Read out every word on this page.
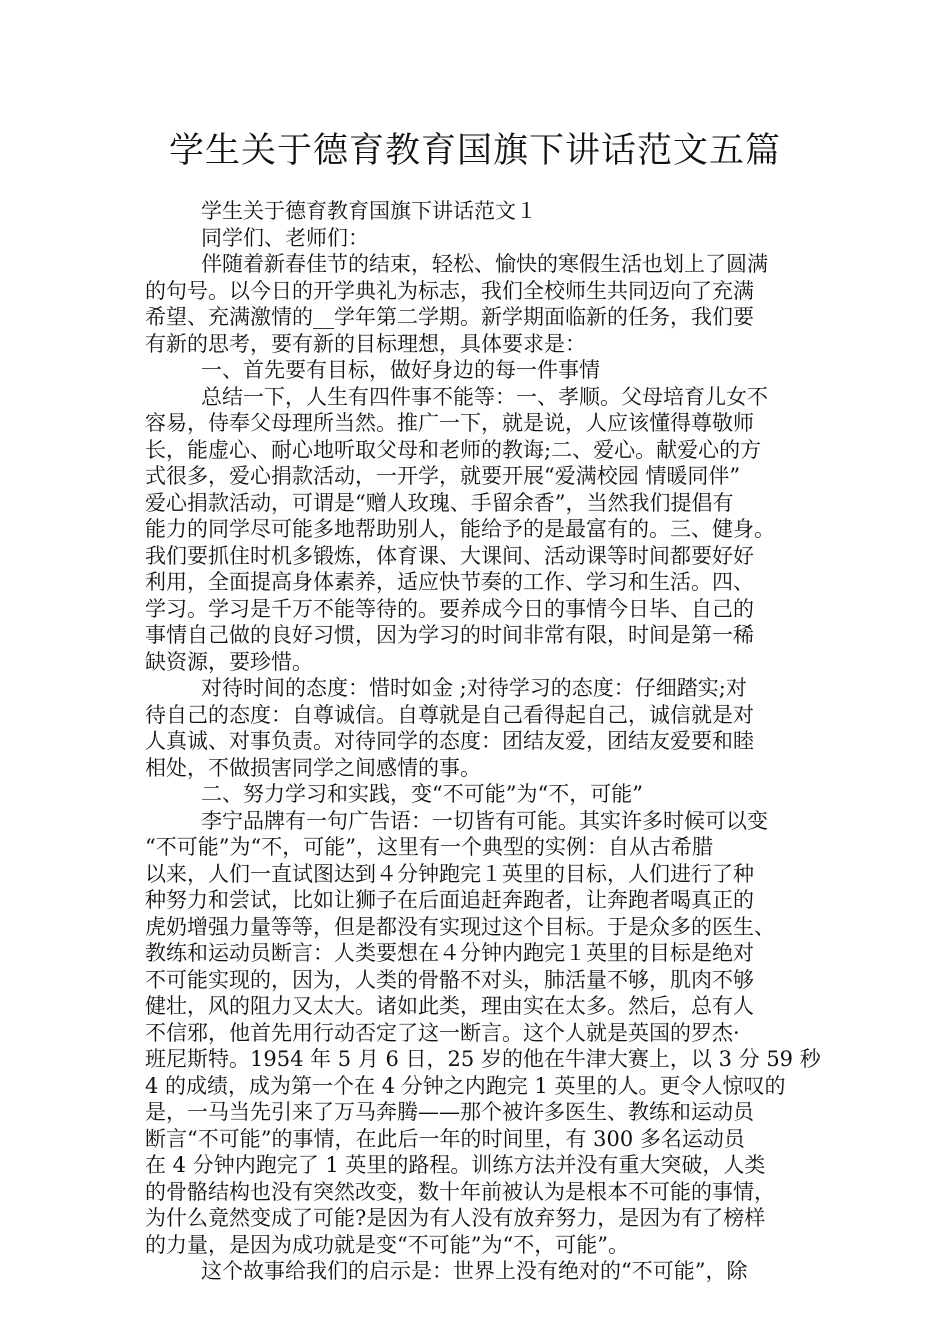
学生关于德育教育国旗下讲话范文五篇

学生关于德育教育国旗下讲话范文１

同学们、老师们：

伴随着新春佳节的结束，轻松、愉快的寒假生活也划上了圆满

的句号。以今日的开学典礼为标志，我们全校师生共同迈向了充满

希望、充满激情的__学年第二学期。新学期面临新的任务，我们要

有新的思考，要有新的目标理想，具体要求是：

一、首先要有目标，做好身边的每一件事情

总结一下，人生有四件事不能等：一、孝顺。父母培育儿女不

容易，侍奉父母理所当然。推广一下，就是说，人应该懂得尊敬师

长，能虚心、耐心地听取父母和老师的教诲;二、爱心。献爱心的方

式很多，爱心捐款活动，一开学，就要开展“爱满校园 情暖同伴”

爱心捐款活动，可谓是“赠人玫瑰、手留余香”，当然我们提倡有

能力的同学尽可能多地帮助别人，能给予的是最富有的。三、健身。

我们要抓住时机多锻炼，体育课、大课间、活动课等时间都要好好

利用，全面提高身体素养，适应快节奏的工作、学习和生活。四、

学习。学习是千万不能等待的。要养成今日的事情今日毕、自己的

事情自己做的良好习惯，因为学习的时间非常有限，时间是第一稀

缺资源，要珍惜。

对待时间的态度：惜时如金 ;对待学习的态度：仔细踏实;对

待自己的态度：自尊诚信。自尊就是自己看得起自己，诚信就是对

人真诚、对事负责。对待同学的态度：团结友爱，团结友爱要和睦

相处，不做损害同学之间感情的事。

二、努力学习和实践，变“不可能”为“不，可能”

李宁品牌有一句广告语：一切皆有可能。其实许多时候可以变

“不可能”为“不，可能”，这里有一个典型的实例：自从古希腊

以来，人们一直试图达到４分钟跑完１英里的目标，人们进行了种

种努力和尝试，比如让狮子在后面追赶奔跑者，让奔跑者喝真正的

虎奶增强力量等等，但是都没有实现过这个目标。于是众多的医生、

教练和运动员断言：人类要想在４分钟内跑完１英里的目标是绝对

不可能实现的，因为，人类的骨骼不对头，肺活量不够，肌肉不够

健壮，风的阻力又太大。诸如此类，理由实在太多。然后，总有人

不信邪，他首先用行动否定了这一断言。这个人就是英国的罗杰·

班尼斯特。1954 年 5 月 6 日，25 岁的他在牛津大赛上，以 3 分 59 秒

4 的成绩，成为第一个在 4 分钟之内跑完 1 英里的人。更令人惊叹的

是，一马当先引来了万马奔腾——那个被许多医生、教练和运动员

断言“不可能”的事情，在此后一年的时间里，有 300 多名运动员

在 4 分钟内跑完了 1 英里的路程。训练方法并没有重大突破，人类

的骨骼结构也没有突然改变，数十年前被认为是根本不可能的事情，

为什么竟然变成了可能?是因为有人没有放弃努力，是因为有了榜样

的力量，是因为成功就是变“不可能”为“不，可能”。

这个故事给我们的启示是：世界上没有绝对的“不可能”，除
